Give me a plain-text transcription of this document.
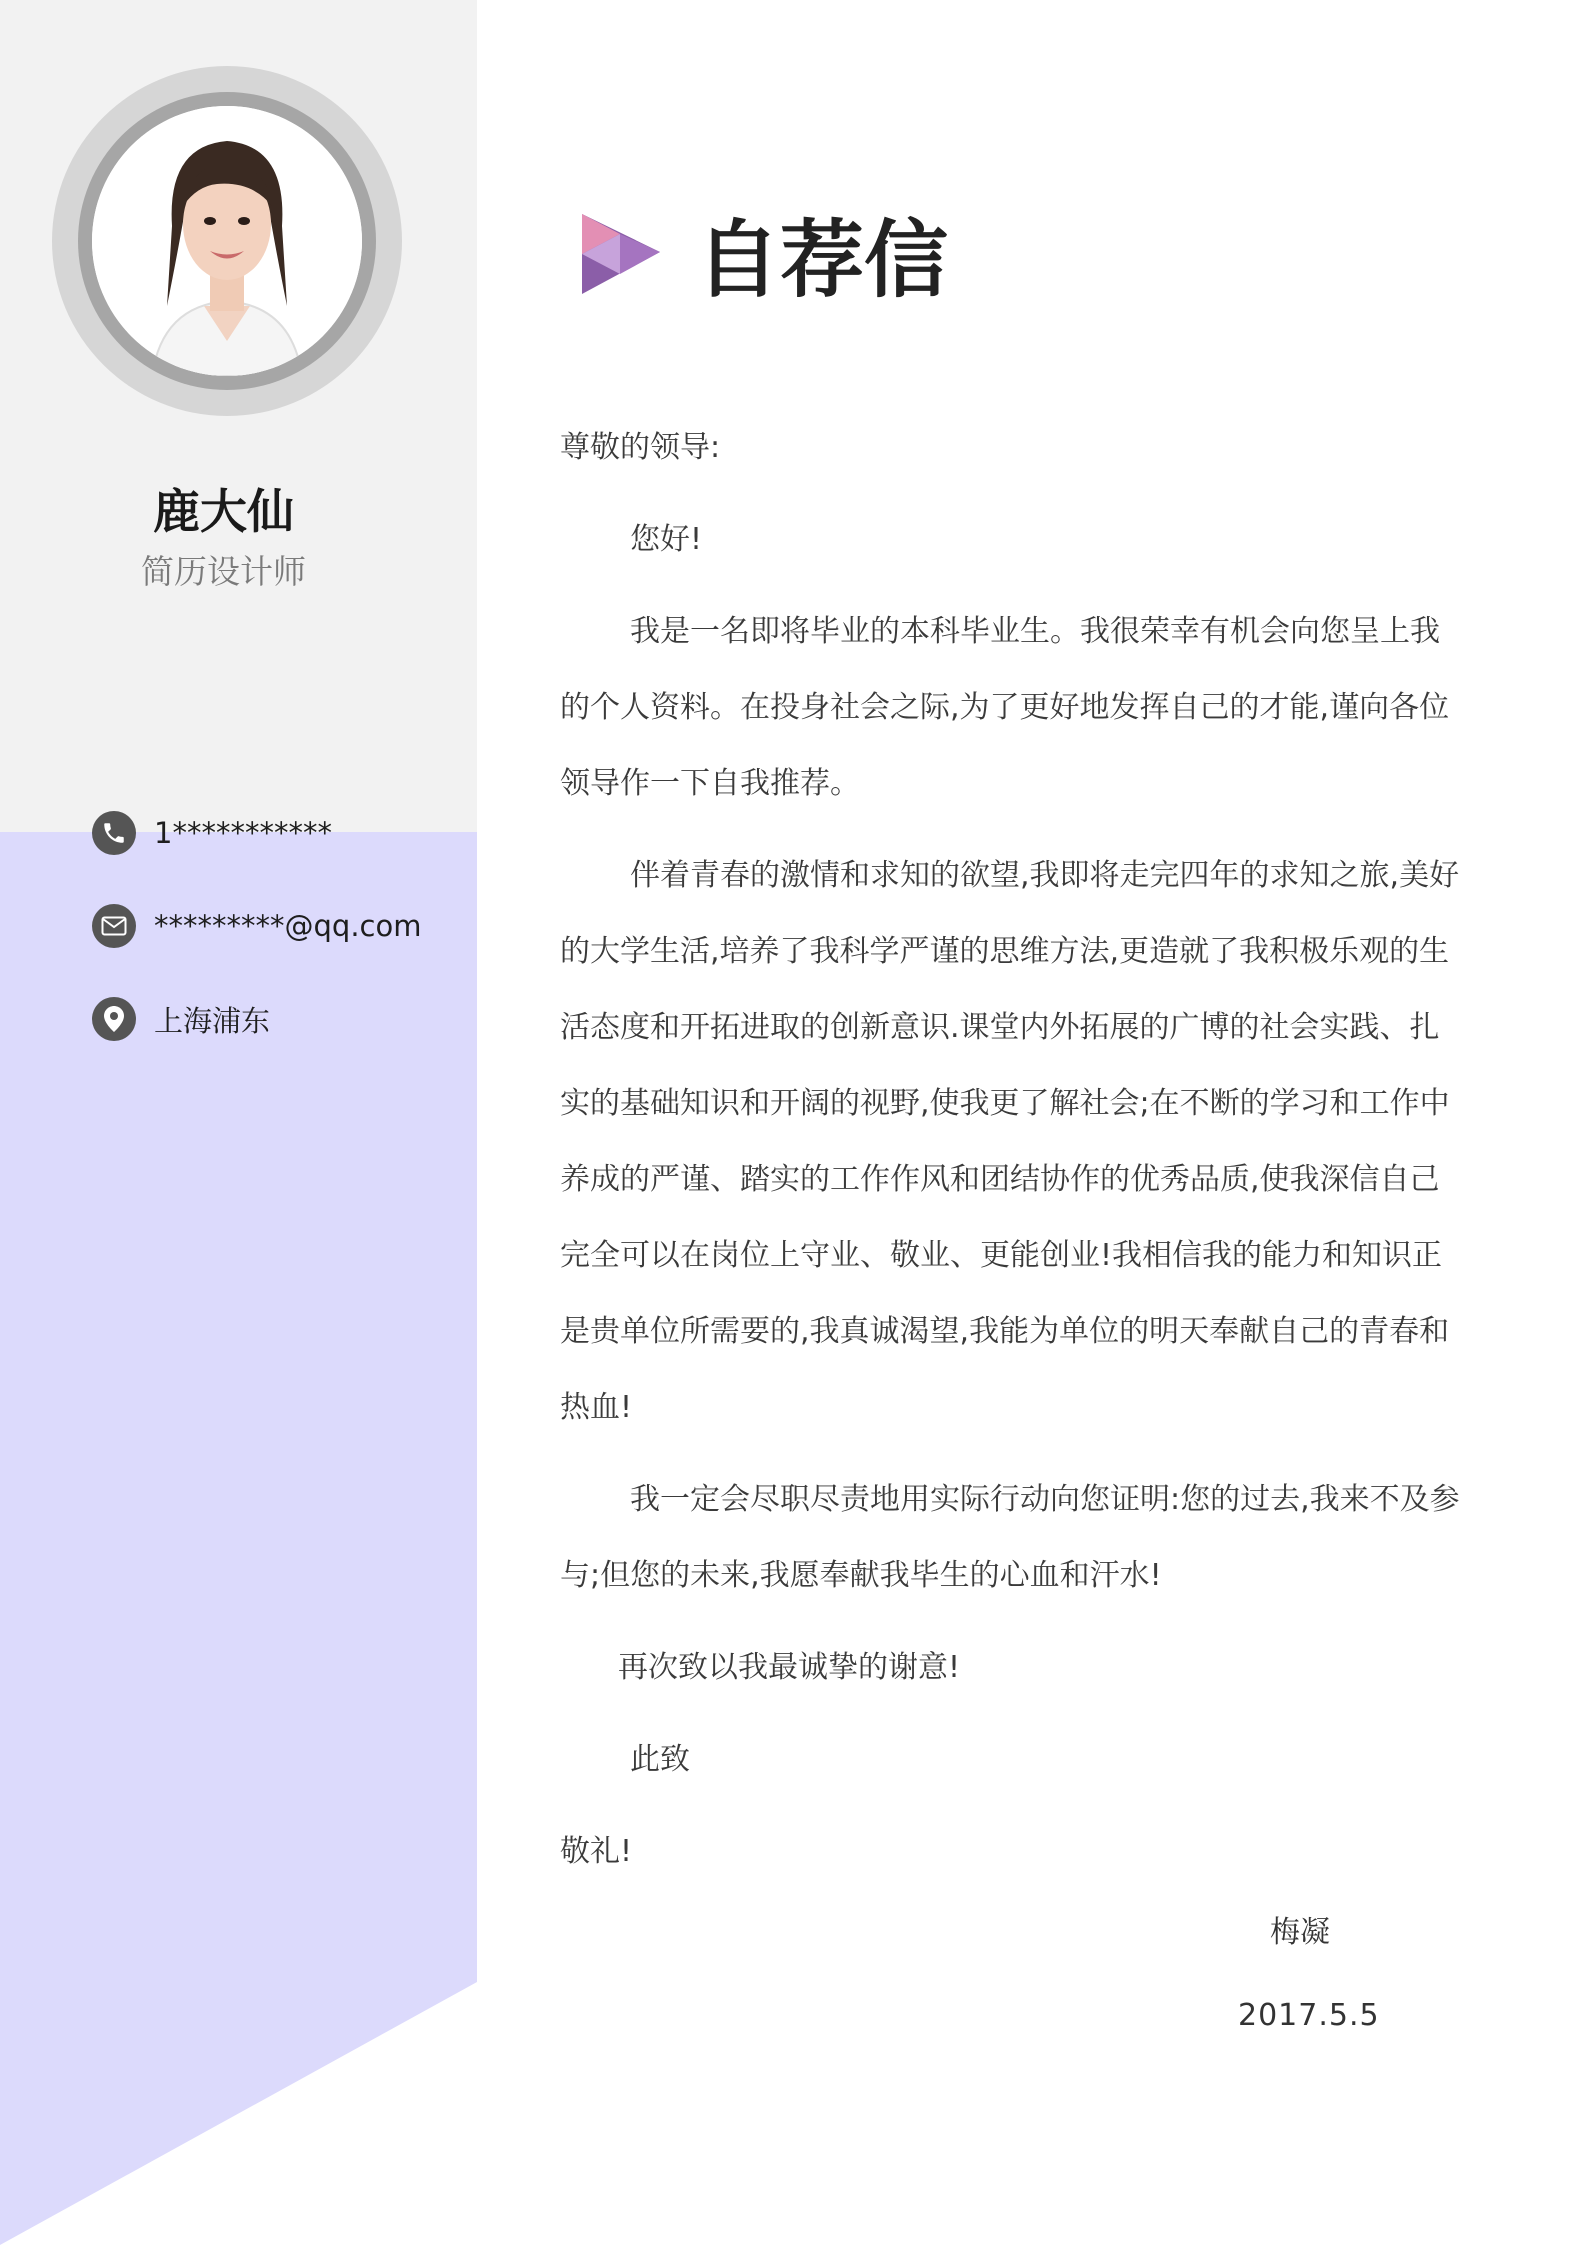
鹿大仙
简历设计师
1***********
*********@qq.com
上海浦东
自荐信

尊敬的领导:

您好!

我是一名即将毕业的本科毕业生。我很荣幸有机会向您呈上我的个人资料。在投身社会之际,为了更好地发挥自己的才能,谨向各位领导作一下自我推荐。

伴着青春的激情和求知的欲望,我即将走完四年的求知之旅,美好的大学生活,培养了我科学严谨的思维方法,更造就了我积极乐观的生活态度和开拓进取的创新意识.课堂内外拓展的广博的社会实践、扎实的基础知识和开阔的视野,使我更了解社会;在不断的学习和工作中养成的严谨、踏实的工作作风和团结协作的优秀品质,使我深信自己完全可以在岗位上守业、敬业、更能创业!我相信我的能力和知识正是贵单位所需要的,我真诚渴望,我能为单位的明天奉献自己的青春和热血!

我一定会尽职尽责地用实际行动向您证明:您的过去,我来不及参与;但您的未来,我愿奉献我毕生的心血和汗水!

再次致以我最诚挚的谢意!

此致

敬礼!

梅凝
2017.5.5
